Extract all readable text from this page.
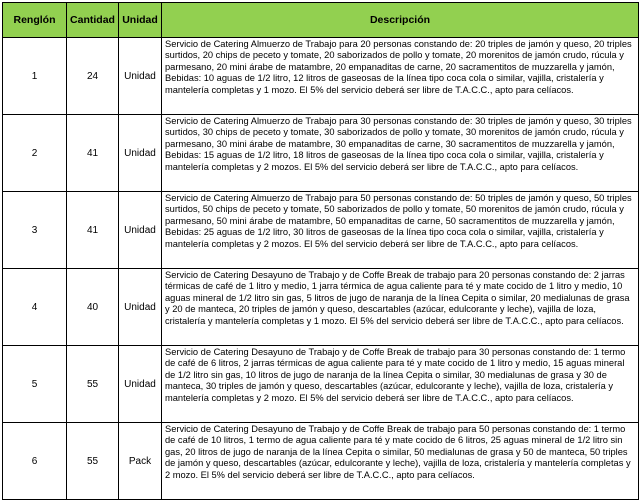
Renglón	Cantidad	Unidad	Descripción
1	24	Unidad	Servicio de Catering Almuerzo de Trabajo para 20 personas constando de: 20 triples de jamón y queso, 20 triples surtidos, 20 chips de peceto y tomate, 20 saborizados de pollo y tomate, 20 morenitos de jamón crudo, rúcula y parmesano, 20 mini árabe de matambre, 20 empanaditas de carne, 20 sacramentitos de muzzarella y jamón, Bebidas: 10 aguas de 1/2 litro, 12 litros de gaseosas de la línea tipo coca cola o similar, vajilla, cristalería y mantelería completas y 1 mozo. El 5% del servicio deberá ser libre de T.A.C.C., apto para celíacos.
2	41	Unidad	Servicio de Catering Almuerzo de Trabajo para 30 personas constando de: 30 triples de jamón y queso, 30 triples surtidos, 30 chips de peceto y tomate, 30 saborizados de pollo y tomate, 30 morenitos de jamón crudo, rúcula y parmesano, 30 mini árabe de matambre, 30 empanaditas de carne, 30 sacramentitos de muzzarella y jamón, Bebidas: 15 aguas de 1/2 litro, 18 litros de gaseosas de la línea tipo coca cola o similar, vajilla, cristalería y mantelería completas y 2 mozos. El 5% del servicio deberá ser libre de T.A.C.C., apto para celíacos.
3	41	Unidad	Servicio de Catering Almuerzo de Trabajo para 50 personas constando de: 50 triples de jamón y queso, 50 triples surtidos, 50 chips de peceto y tomate, 50 saborizados de pollo y tomate, 50 morenitos de jamón crudo, rúcula y parmesano, 50 mini árabe de matambre, 50 empanaditas de carne, 50 sacramentitos de muzzarella y jamón, Bebidas: 25 aguas de 1/2 litro, 30 litros de gaseosas de la línea tipo coca cola o similar, vajilla, cristalería y mantelería completas y 2 mozos. El 5% del servicio deberá ser libre de T.A.C.C., apto para celíacos.
4	40	Unidad	Servicio de Catering Desayuno de Trabajo y de Coffe Break de trabajo para 20 personas constando de: 2 jarras térmicas de café de 1 litro y medio, 1 jarra térmica de agua caliente para té y mate cocido de 1 litro y medio, 10 aguas mineral de 1/2 litro sin gas, 5 litros de jugo de naranja de la línea Cepita o similar, 20 medialunas de grasa y 20 de manteca, 20 triples de jamón y queso, descartables (azúcar, edulcorante y leche), vajilla de loza, cristalería y mantelería completas y 1 mozo. El 5% del servicio deberá ser libre de T.A.C.C., apto para celíacos.
5	55	Unidad	Servicio de Catering Desayuno de Trabajo y de Coffe Break de trabajo para 30 personas constando de: 1 termo de café de 6 litros, 2 jarras térmicas de agua caliente para té y mate cocido de 1 litro y medio, 15 aguas mineral de 1/2 litro sin gas, 10 litros de jugo de naranja de la línea Cepita o similar, 30 medialunas de grasa y 30 de manteca, 30 triples de jamón y queso, descartables (azúcar, edulcorante y leche), vajilla de loza, cristalería y mantelería completas y 2 mozo. El 5% del servicio deberá ser libre de T.A.C.C., apto para celíacos.
6	55	Pack	Servicio de Catering Desayuno de Trabajo y de Coffe Break de trabajo para 50 personas constando de: 1 termo de café de 10 litros, 1 termo de agua caliente para té y mate cocido de 6 litros, 25 aguas mineral de 1/2 litro sin gas, 20 litros de jugo de naranja de la línea Cepita o similar, 50 medialunas de grasa y 50 de manteca, 50 triples de jamón y queso, descartables (azúcar, edulcorante y leche), vajilla de loza, cristalería y mantelería completas y 2 mozo. El 5% del servicio deberá ser libre de T.A.C.C., apto para celíacos.
